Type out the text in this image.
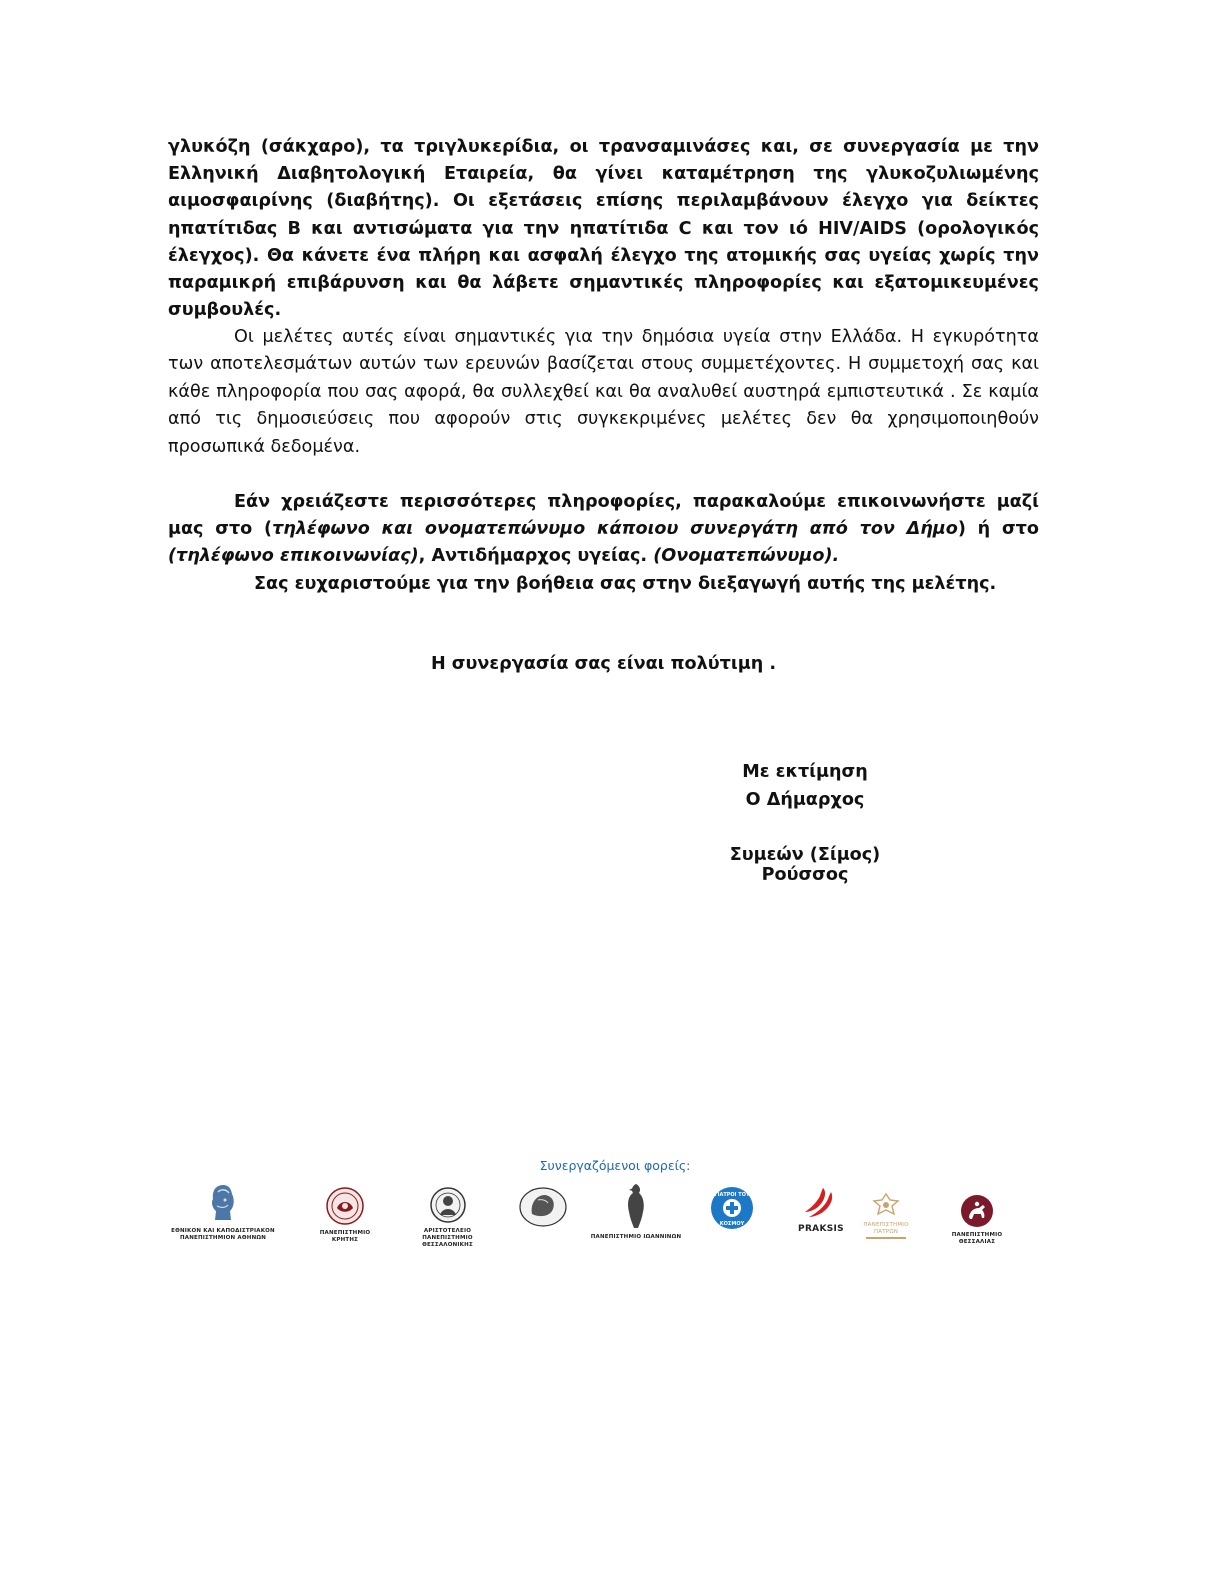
γλυκόζη (σάκχαρο), τα τριγλυκερίδια, οι τρανσαμινάσες και, σε συνεργασία με την Ελληνική Διαβητολογική Εταιρεία, θα γίνει καταμέτρηση της γλυκοζυλιωμένης αιμοσφαιρίνης (διαβήτης). Οι εξετάσεις επίσης περιλαμβάνουν έλεγχο για δείκτες ηπατίτιδας Β και αντισώματα για την ηπατίτιδα C και τον ιό HIV/AIDS (ορολογικός έλεγχος). Θα κάνετε ένα πλήρη και ασφαλή έλεγχο της ατομικής σας υγείας χωρίς την παραμικρή επιβάρυνση και θα λάβετε σημαντικές πληροφορίες και εξατομικευμένες συμβουλές.
Οι μελέτες αυτές είναι σημαντικές για την δημόσια υγεία στην Ελλάδα. Η εγκυρότητα των αποτελεσμάτων αυτών των ερευνών βασίζεται στους συμμετέχοντες. Η συμμετοχή σας και κάθε πληροφορία που σας αφορά, θα συλλεχθεί και θα αναλυθεί αυστηρά εμπιστευτικά . Σε καμία από τις δημοσιεύσεις που αφορούν στις συγκεκριμένες μελέτες δεν θα χρησιμοποιηθούν προσωπικά δεδομένα.
Εάν χρειάζεστε περισσότερες πληροφορίες, παρακαλούμε επικοινωνήστε μαζί μας στο (τηλέφωνο και ονοματεπώνυμο κάποιου συνεργάτη από τον Δήμο) ή στο (τηλέφωνο επικοινωνίας), Αντιδήμαρχος υγείας. (Ονοματεπώνυμο).
Σας ευχαριστούμε για την βοήθεια σας στην διεξαγωγή αυτής της μελέτης.
Η συνεργασία σας είναι πολύτιμη .
Με εκτίμηση
Ο Δήμαρχος
Συμεών (Σίμος) Ρούσσος
Συνεργαζόμενοι φορείς:
ΕΘΝΙΚΟΝ ΚΑΙ ΚΑΠΟΔΙΣΤΡΙΑΚΟΝ
ΠΑΝΕΠΙΣΤΗΜΙΟΝ ΑΘΗΝΩΝ
ΠΑΝΕΠΙΣΤΗΜΙΟ
ΚΡΗΤΗΣ
ΑΡΙΣΤΟΤΕΛΕΙΟ ΠΑΝΕΠΙΣΤΗΜΙΟ
ΘΕΣΣΑΛΟΝΙΚΗΣ
ΠΑΝΕΠΙΣΤΗΜΙΟ ΙΩΑΝΝΙΝΩΝ
ΓΙΑΤΡΟΙ ΤΟΥ
ΚΟΣΜΟΥ	PRAKSIS	ΠΑΝΕΠΙΣΤΗΜΙΟ
ΠΑΤΡΩΝ	ΠΑΝΕΠΙΣΤΗΜΙΟ ΘΕΣΣΑΛΙΑΣ
